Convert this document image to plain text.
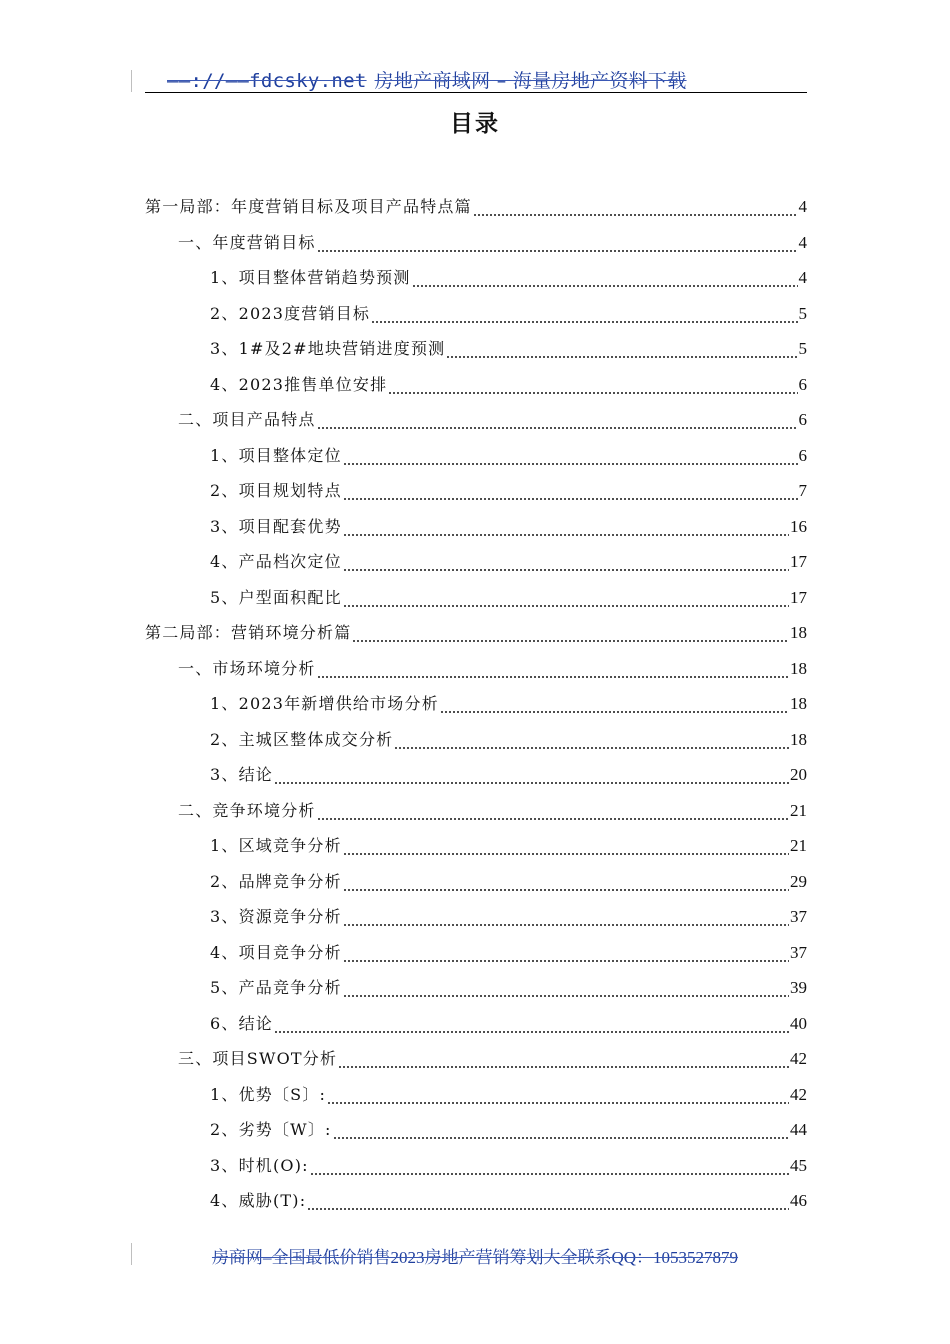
——://——fdcsky.net 房地产商域网 – 海量房地产资料下载
目录
第一局部：年度营销目标及项目产品特点篇	4
一、年度营销目标	4
1、项目整体营销趋势预测	4
2、2023度营销目标	5
3、1#及2#地块营销进度预测	5
4、2023推售单位安排	6
二、项目产品特点	6
1、项目整体定位	6
2、项目规划特点	7
3、项目配套优势	16
4、产品档次定位	17
5、户型面积配比	17
第二局部：营销环境分析篇	18
一、市场环境分析	18
1、2023年新增供给市场分析	18
2、主城区整体成交分析	18
3、结论	20
二、竞争环境分析	21
1、区域竞争分析	21
2、品牌竞争分析	29
3、资源竞争分析	37
4、项目竞争分析	37
5、产品竞争分析	39
6、结论	40
三、项目SWOT分析	42
1、优势〔S〕:	42
2、劣势〔W〕:	44
3、时机(O):	45
4、威胁(T):	46
房商网–全国最低价销售2023房地产营销筹划大全联系QQ：1053527879
